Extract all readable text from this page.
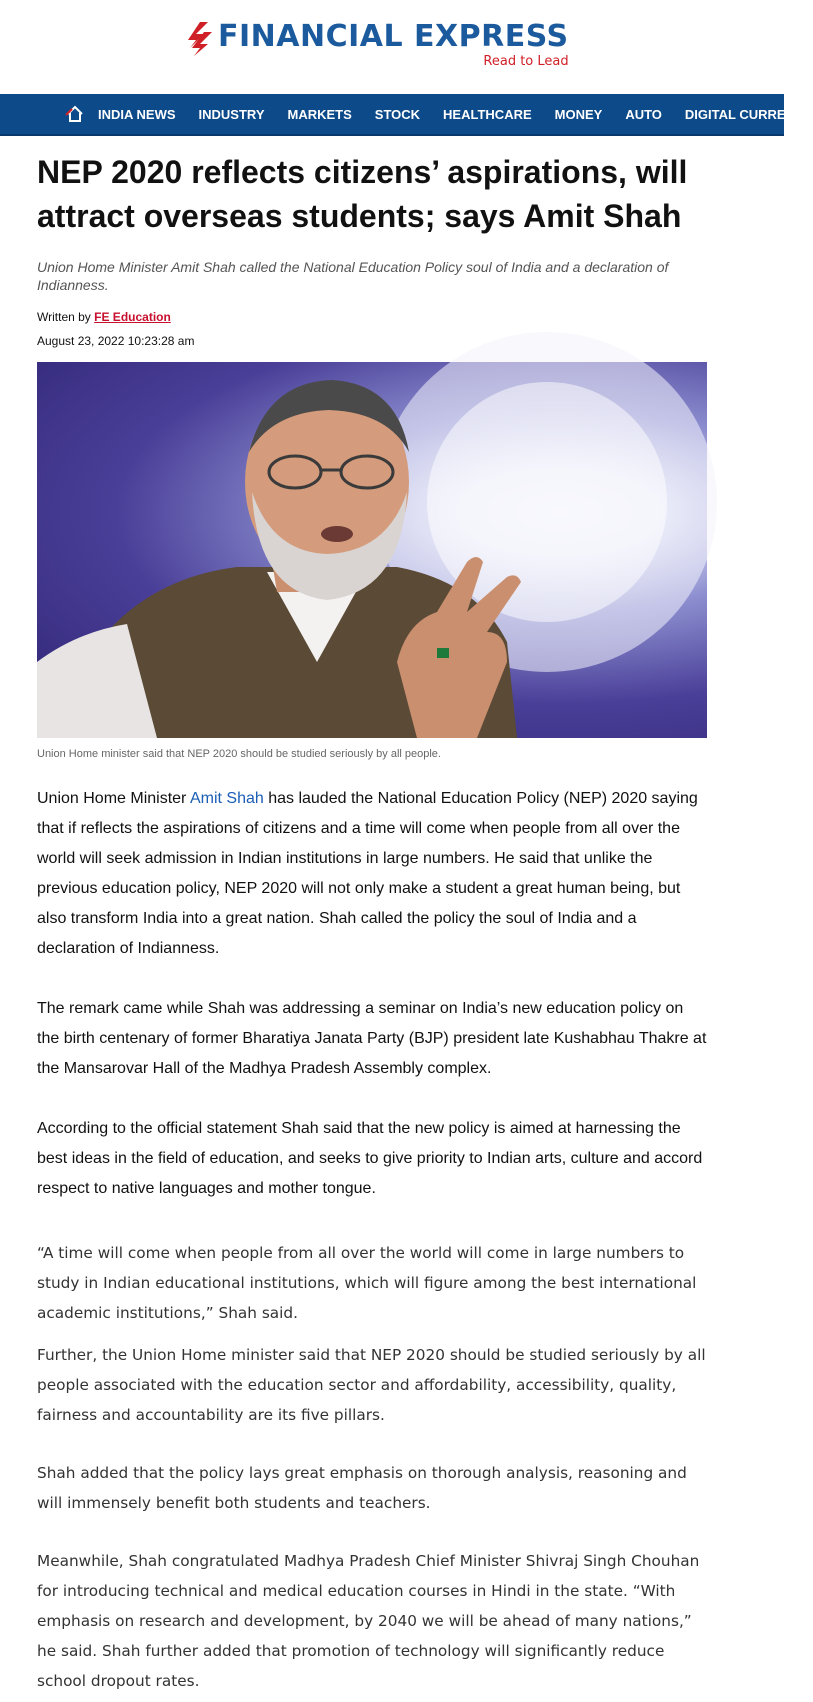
FINANCIAL EXPRESS
Read to Lead
INDIA NEWS INDUSTRY MARKETS STOCK HEALTHCARE MONEY AUTO DIGITAL CURRENCY
NEP 2020 reflects citizens’ aspirations, will attract overseas students; says Amit Shah
Union Home Minister Amit Shah called the National Education Policy soul of India and a declaration of Indianness.
Written by FE Education
August 23, 2022 10:23:28 am
Union Home minister said that NEP 2020 should be studied seriously by all people.

Union Home Minister Amit Shah has lauded the National Education Policy (NEP) 2020 saying that if reflects the aspirations of citizens and a time will come when people from all over the world will seek admission in Indian institutions in large numbers. He said that unlike the previous education policy, NEP 2020 will not only make a student a great human being, but also transform India into a great nation. Shah called the policy the soul of India and a declaration of Indianness.

The remark came while Shah was addressing a seminar on India’s new education policy on the birth centenary of former Bharatiya Janata Party (BJP) president late Kushabhau Thakre at the Mansarovar Hall of the Madhya Pradesh Assembly complex.

According to the official statement Shah said that the new policy is aimed at harnessing the best ideas in the field of education, and seeks to give priority to Indian arts, culture and accord respect to native languages and mother tongue.

“A time will come when people from all over the world will come in large numbers to study in Indian educational institutions, which will figure among the best international academic institutions,” Shah said.

Further, the Union Home minister said that NEP 2020 should be studied seriously by all people associated with the education sector and affordability, accessibility, quality, fairness and accountability are its five pillars.

Shah added that the policy lays great emphasis on thorough analysis, reasoning and will immensely benefit both students and teachers.

Meanwhile, Shah congratulated Madhya Pradesh Chief Minister Shivraj Singh Chouhan for introducing technical and medical education courses in Hindi in the state. “With emphasis on research and development, by 2040 we will be ahead of many nations,” he said. Shah further added that promotion of technology will significantly reduce school dropout rates.
